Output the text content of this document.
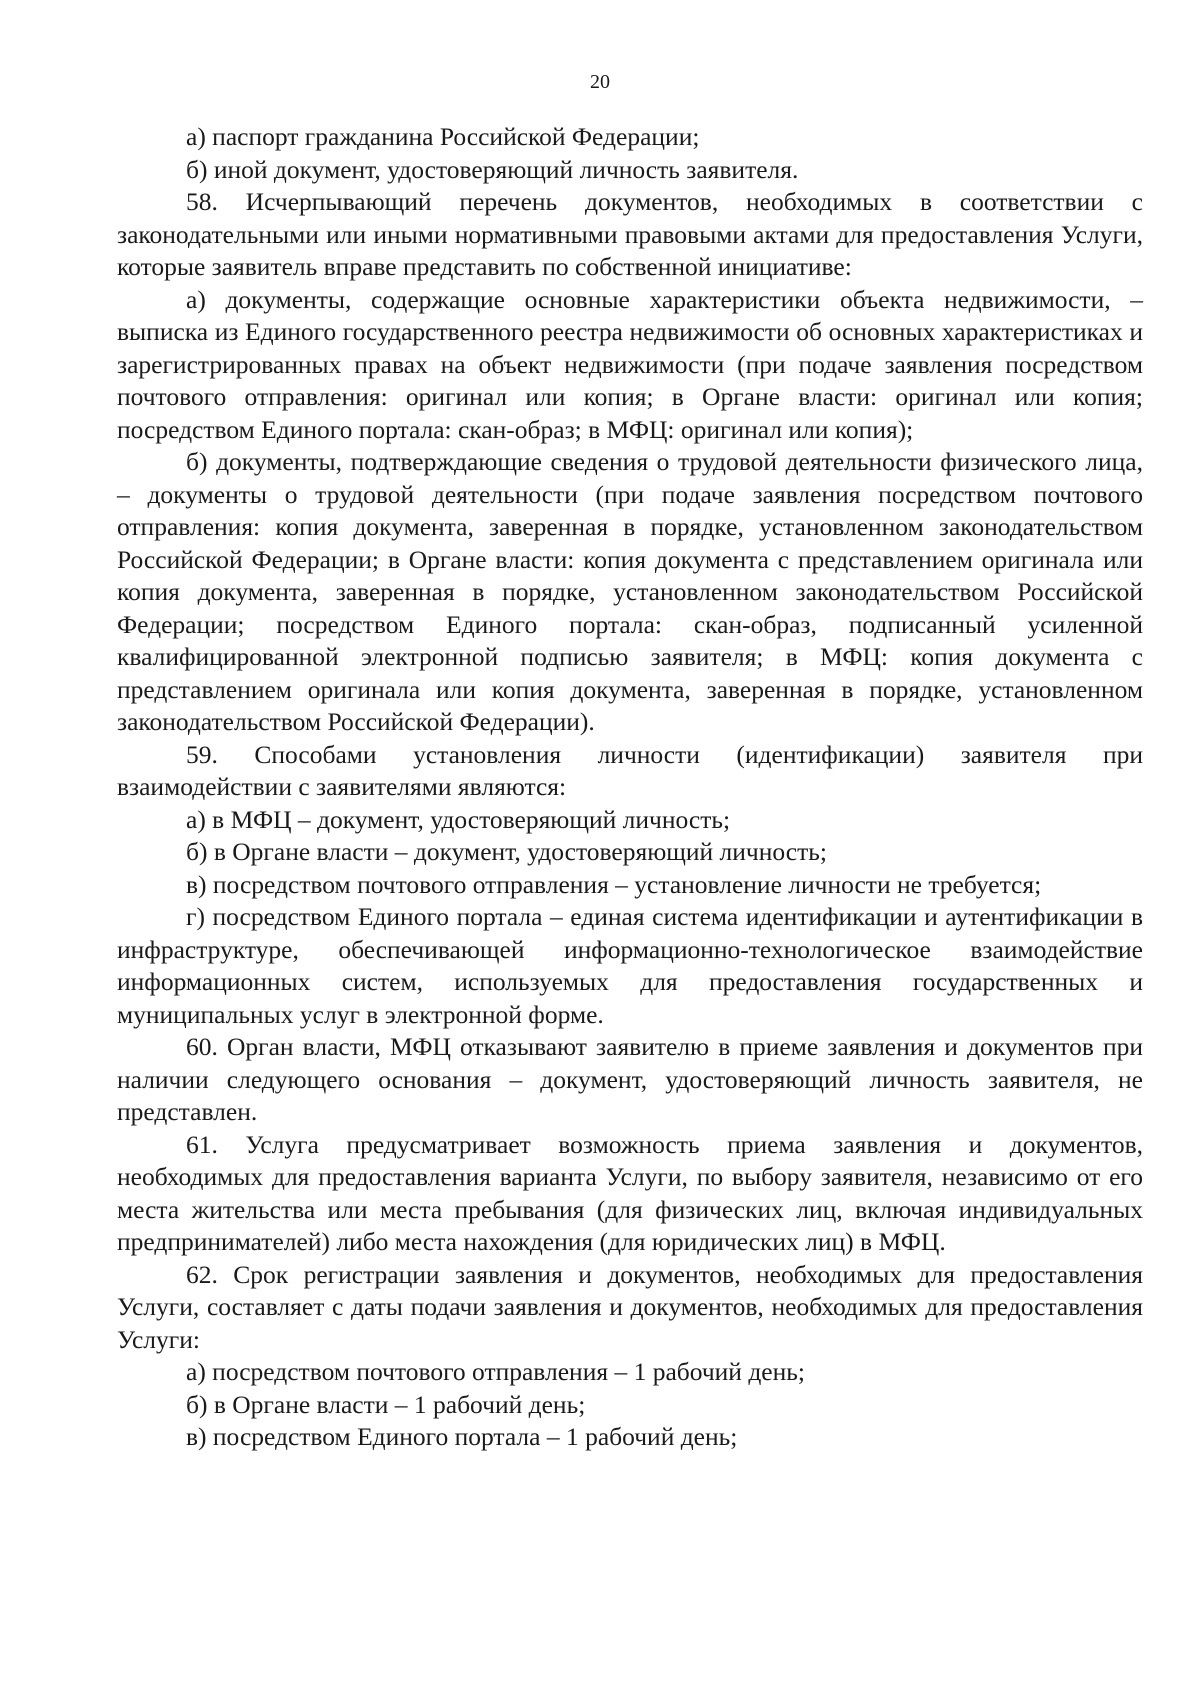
20

а) паспорт гражданина Российской Федерации;

б) иной документ, удостоверяющий личность заявителя.

58. Исчерпывающий перечень документов, необходимых в соответствии с законодательными или иными нормативными правовыми актами для предоставления Услуги, которые заявитель вправе представить по собственной инициативе:

а) документы, содержащие основные характеристики объекта недвижимости, – выписка из Единого государственного реестра недвижимости об основных характеристиках и зарегистрированных правах на объект недвижимости (при подаче заявления посредством почтового отправления: оригинал или копия; в Органе власти: оригинал или копия; посредством Единого портала: скан-образ; в МФЦ: оригинал или копия);

б) документы, подтверждающие сведения о трудовой деятельности физического лица, – документы о трудовой деятельности (при подаче заявления посредством почтового отправления: копия документа, заверенная в порядке, установленном законодательством Российской Федерации; в Органе власти: копия документа с представлением оригинала или копия документа, заверенная в порядке, установленном законодательством Российской Федерации; посредством Единого портала: скан-образ, подписанный усиленной квалифицированной электронной подписью заявителя; в МФЦ: копия документа с представлением оригинала или копия документа, заверенная в порядке, установленном законодательством Российской Федерации).

59. Способами установления личности (идентификации) заявителя при взаимодействии с заявителями являются:

а) в МФЦ – документ, удостоверяющий личность;

б) в Органе власти – документ, удостоверяющий личность;

в) посредством почтового отправления – установление личности не требуется;

г) посредством Единого портала – единая система идентификации и аутентификации в инфраструктуре, обеспечивающей информационно-технологическое взаимодействие информационных систем, используемых для предоставления государственных и муниципальных услуг в электронной форме.

60. Орган власти, МФЦ отказывают заявителю в приеме заявления и документов при наличии следующего основания – документ, удостоверяющий личность заявителя, не представлен.

61. Услуга предусматривает возможность приема заявления и документов, необходимых для предоставления варианта Услуги, по выбору заявителя, независимо от его места жительства или места пребывания (для физических лиц, включая индивидуальных предпринимателей) либо места нахождения (для юридических лиц) в МФЦ.

62. Срок регистрации заявления и документов, необходимых для предоставления Услуги, составляет с даты подачи заявления и документов, необходимых для предоставления Услуги:

а) посредством почтового отправления – 1 рабочий день;

б) в Органе власти – 1 рабочий день;

в) посредством Единого портала – 1 рабочий день;
